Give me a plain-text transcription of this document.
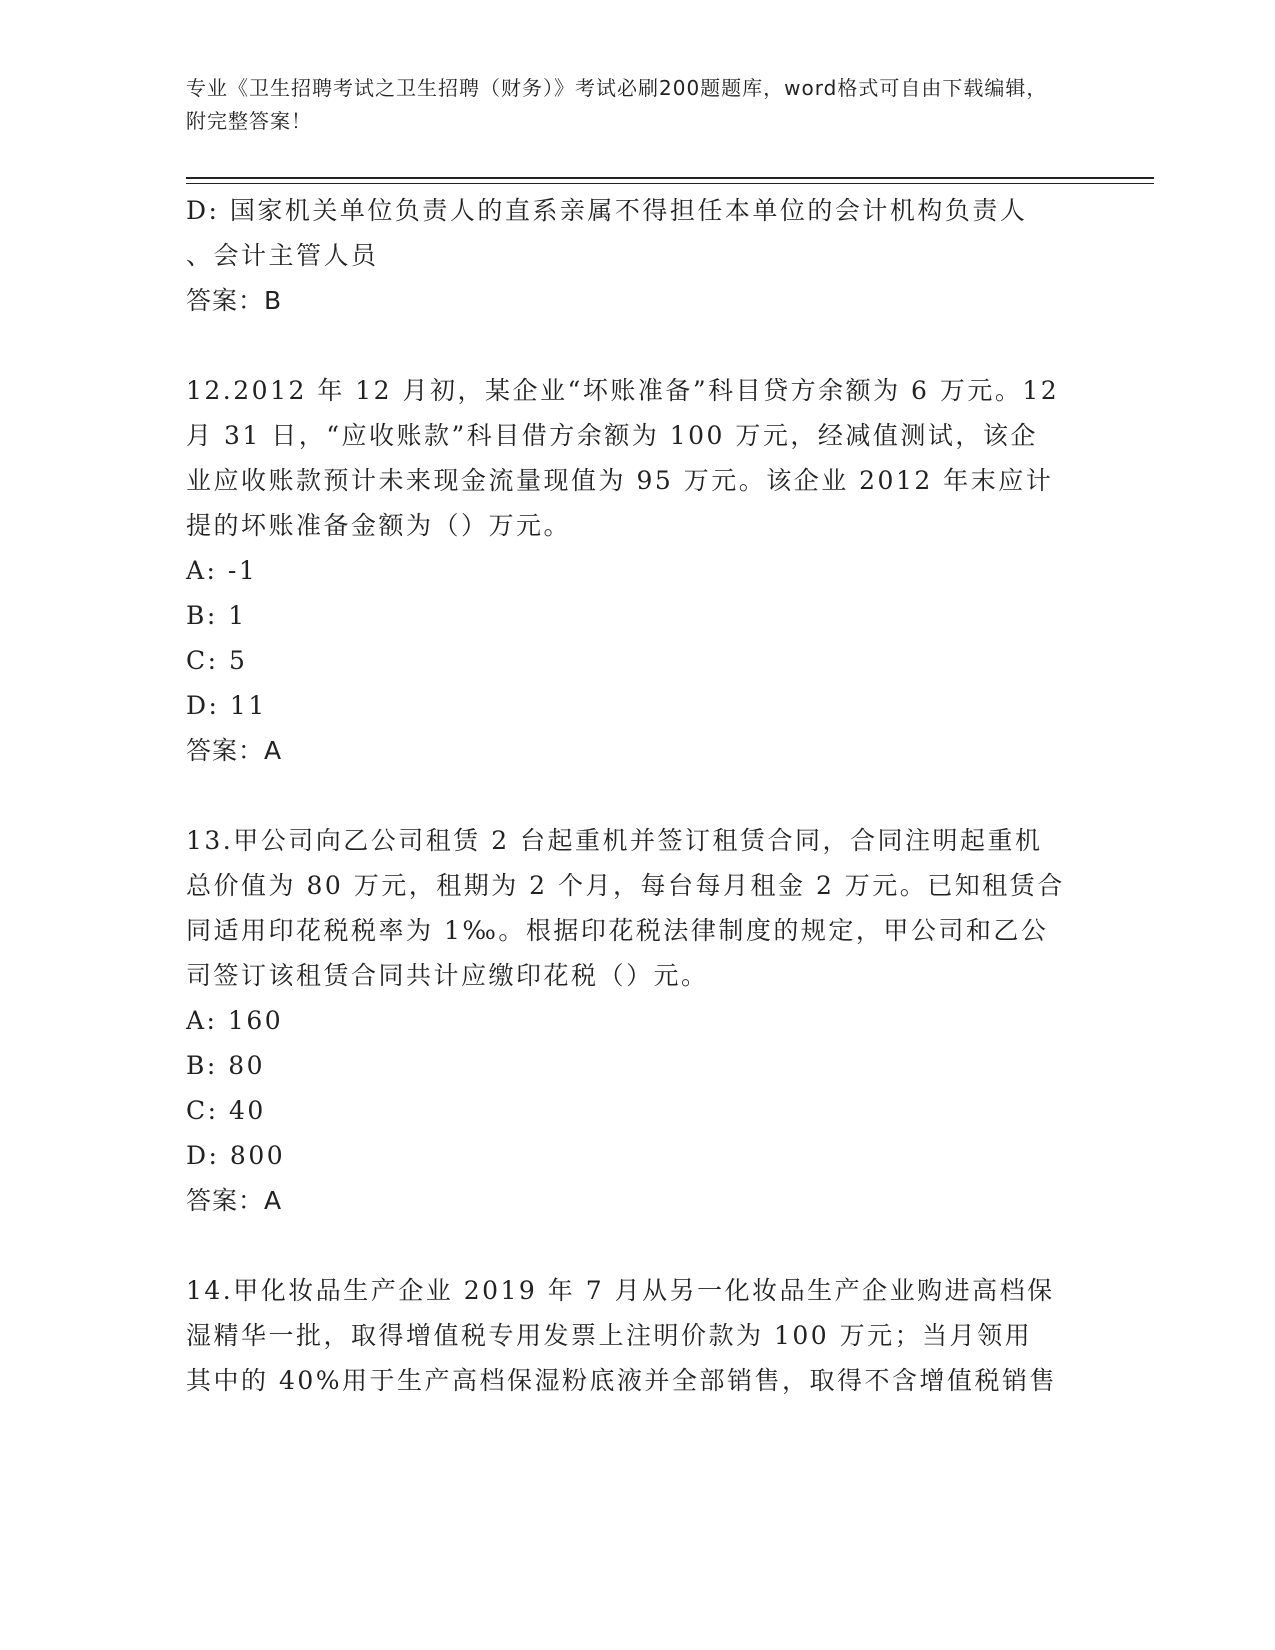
专业《卫生招聘考试之卫生招聘（财务）》考试必刷200题题库，word格式可自由下载编辑，附完整答案！
D: 国家机关单位负责人的直系亲属不得担任本单位的会计机构负责人
、会计主管人员
答案：B
12.2012 年 12 月初，某企业“坏账准备”科目贷方余额为 6 万元。12
月 31 日，“应收账款”科目借方余额为 100 万元，经减值测试，该企
业应收账款预计未来现金流量现值为 95 万元。该企业 2012 年末应计
提的坏账准备金额为（）万元。
A: -1
B: 1
C: 5
D: 11
答案：A
13.甲公司向乙公司租赁 2 台起重机并签订租赁合同，合同注明起重机
总价值为 80 万元，租期为 2 个月，每台每月租金 2 万元。已知租赁合
同适用印花税税率为 1‰。根据印花税法律制度的规定，甲公司和乙公
司签订该租赁合同共计应缴印花税（）元。
A: 160
B: 80
C: 40
D: 800
答案：A
14.甲化妆品生产企业 2019 年 7 月从另一化妆品生产企业购进高档保
湿精华一批，取得增值税专用发票上注明价款为 100 万元；当月领用
其中的 40%用于生产高档保湿粉底液并全部销售，取得不含增值税销售
